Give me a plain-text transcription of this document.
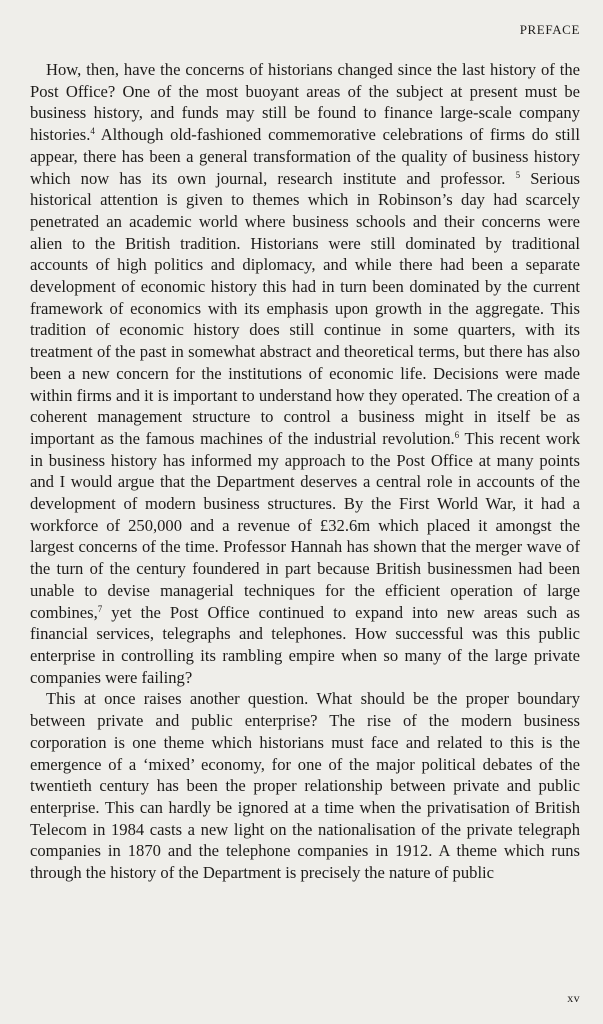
PREFACE

How, then, have the concerns of historians changed since the last history of the Post Office? One of the most buoyant areas of the subject at present must be business history, and funds may still be found to finance large-scale company histories.$^4$ Although old-fashioned commemorative celebrations of firms do still appear, there has been a general transformation of the quality of business history which now has its own journal, research institute and professor. $^5$ Serious historical attention is given to themes which in Robinson’s day had scarcely penetrated an academic world where business schools and their concerns were alien to the British tradition. Historians were still dominated by traditional accounts of high politics and diplomacy, and while there had been a separate development of economic history this had in turn been dominated by the current framework of economics with its emphasis upon growth in the aggregate. This tradition of economic history does still continue in some quarters, with its treatment of the past in somewhat abstract and theoretical terms, but there has also been a new concern for the institutions of economic life. Decisions were made within firms and it is important to understand how they operated. The creation of a coherent management structure to control a business might in itself be as important as the famous machines of the industrial revolution.$^6$ This recent work in business history has informed my approach to the Post Office at many points and I would argue that the Department deserves a central role in accounts of the development of modern business structures. By the First World War, it had a workforce of 250,000 and a revenue of £32.6m which placed it amongst the largest concerns of the time. Professor Hannah has shown that the merger wave of the turn of the century foundered in part because British businessmen had been unable to devise managerial techniques for the efficient operation of large combines,$^7$ yet the Post Office continued to expand into new areas such as financial services, telegraphs and telephones. How successful was this public enterprise in controlling its rambling empire when so many of the large private companies were failing?

This at once raises another question. What should be the proper boundary between private and public enterprise? The rise of the modern business corporation is one theme which historians must face and related to this is the emergence of a ‘mixed’ economy, for one of the major political debates of the twentieth century has been the proper relationship between private and public enterprise. This can hardly be ignored at a time when the privatisation of British Telecom in 1984 casts a new light on the nationalisation of the private telegraph companies in 1870 and the telephone companies in 1912. A theme which runs through the history of the Department is precisely the nature of public

xv
